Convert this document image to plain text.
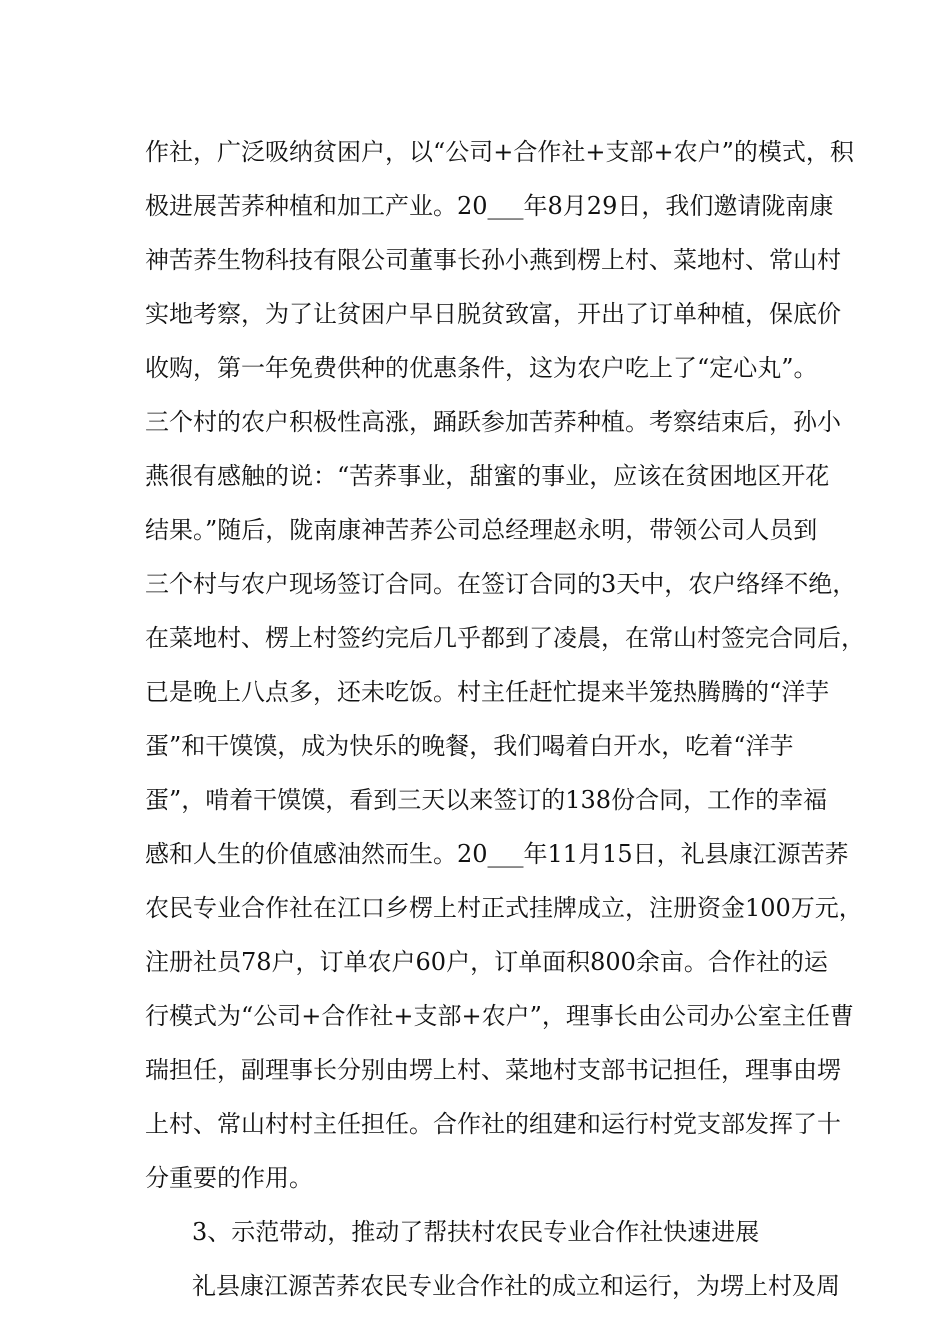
作社，广泛吸纳贫困户，以“公司+合作社+支部+农户”的模式，积
极进展苦荞种植和加工产业。20___年8月29日，我们邀请陇南康
神苦荞生物科技有限公司董事长孙小燕到楞上村、菜地村、常山村
实地考察，为了让贫困户早日脱贫致富，开出了订单种植，保底价
收购，第一年免费供种的优惠条件，这为农户吃上了“定心丸”。
三个村的农户积极性高涨，踊跃参加苦荞种植。考察结束后，孙小
燕很有感触的说：“苦荞事业，甜蜜的事业，应该在贫困地区开花
结果。”随后，陇南康神苦荞公司总经理赵永明，带领公司人员到
三个村与农户现场签订合同。在签订合同的3天中，农户络绎不绝，
在菜地村、楞上村签约完后几乎都到了凌晨，在常山村签完合同后，
已是晚上八点多，还未吃饭。村主任赶忙提来半笼热腾腾的“洋芋
蛋”和干馍馍，成为快乐的晚餐，我们喝着白开水，吃着“洋芋
蛋”，啃着干馍馍，看到三天以来签订的138份合同，工作的幸福
感和人生的价值感油然而生。20___年11月15日，礼县康江源苦荞
农民专业合作社在江口乡楞上村正式挂牌成立，注册资金100万元，
注册社员78户，订单农户60户，订单面积800余亩。合作社的运
行模式为“公司+合作社+支部+农户”，理事长由公司办公室主任曹
瑞担任，副理事长分别由塄上村、菜地村支部书记担任，理事由塄
上村、常山村村主任担任。合作社的组建和运行村党支部发挥了十
分重要的作用。
3、示范带动，推动了帮扶村农民专业合作社快速进展
礼县康江源苦荞农民专业合作社的成立和运行，为塄上村及周
